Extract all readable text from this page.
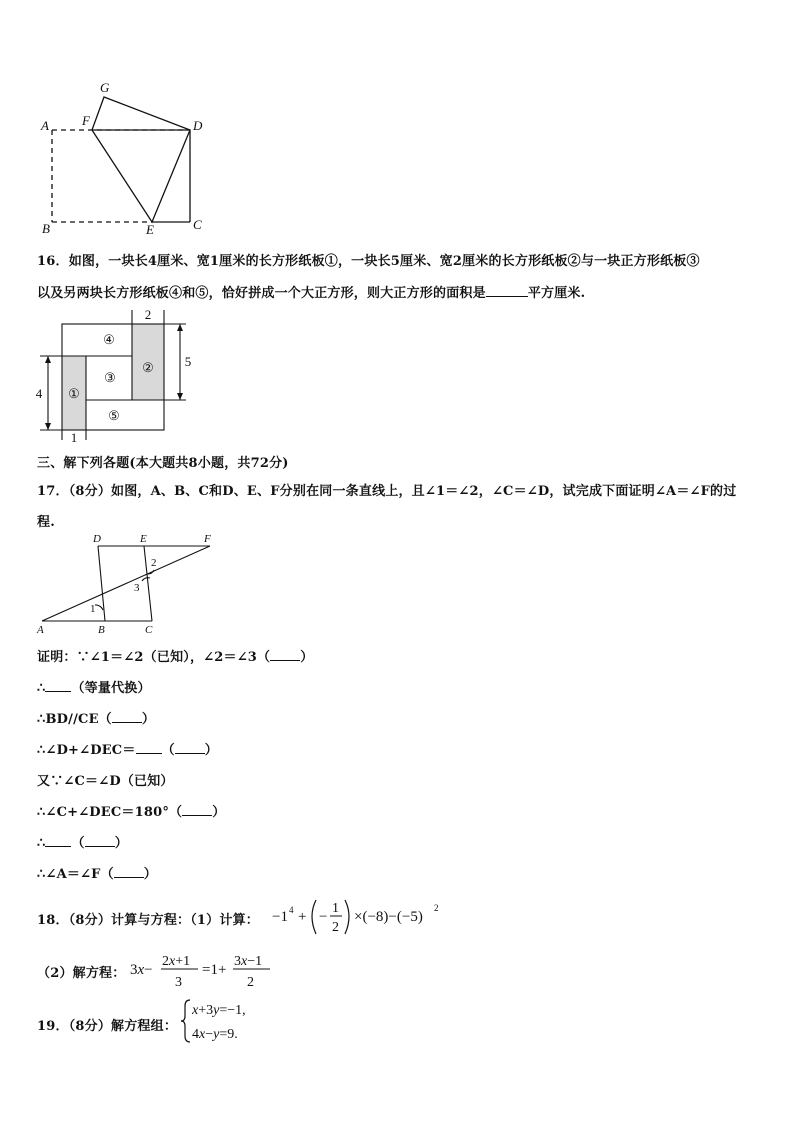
G
F
A	D
B	E	C
16．如图，一块长4厘米、宽1厘米的长方形纸板①，一块长5厘米、宽2厘米的长方形纸板②与一块正方形纸板③
以及另两块长方形纸板④和⑤，恰好拼成一个大正方形，则大正方形的面积是	平方厘米.
④
③
②
①
⑤
2
5
4
1
三、解下列各题(本大题共8小题，共72分)
17．（8分）如图，A、B、C和D、E、F分别在同一条直线上，且∠1＝∠2，∠C＝∠D，试完成下面证明∠A＝∠F的过
程.
D	E	F
A	B	C
2
3
1
证明：∵∠1＝∠2（已知），∠2＝∠3（ ）
∴ （等量代换）
∴BD//CE（ ）
∴∠D+∠DEC＝ （ ）
又∵∠C＝∠D（已知）
∴∠C+∠DEC＝180°（ ）
∴ （ ）
∴∠A＝∠F（ ）
18．（8分）计算与方程：（1）计算： −1 4 + −
1
2
×(−8)−(−5)
2
（2）解方程： 3x−
2x+1
3
=1+
3x−1
2
19．（8分）解方程组：
x+3y=−1,
4x−y=9.
